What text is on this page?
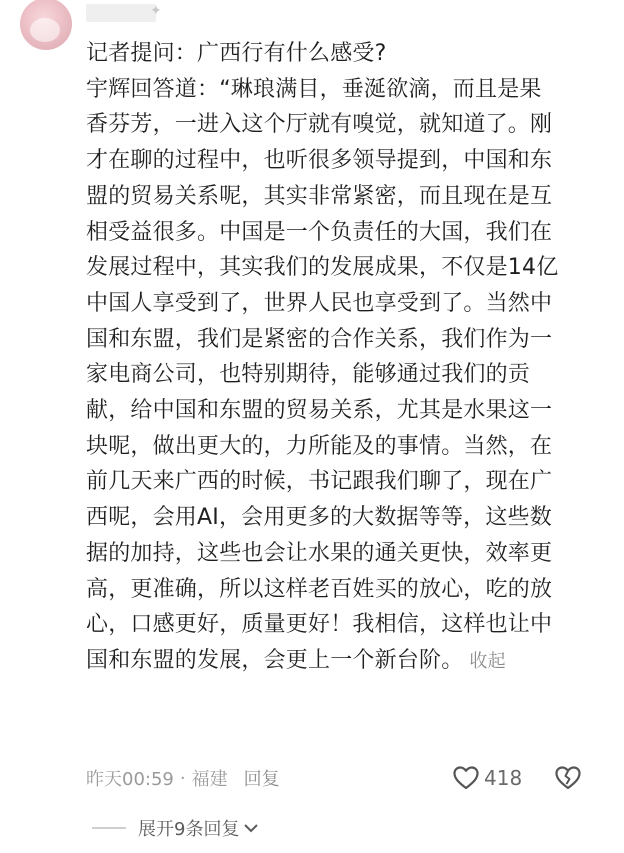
✦
记者提问：广西行有什么感受?
宇辉回答道：“琳琅满目，垂涎欲滴，而且是果
香芬芳，一进入这个厅就有嗅觉，就知道了。刚
才在聊的过程中，也听很多领导提到，中国和东
盟的贸易关系呢，其实非常紧密，而且现在是互
相受益很多。中国是一个负责任的大国，我们在
发展过程中，其实我们的发展成果，不仅是14亿
中国人享受到了，世界人民也享受到了。当然中
国和东盟，我们是紧密的合作关系，我们作为一
家电商公司，也特别期待，能够通过我们的贡
献，给中国和东盟的贸易关系，尤其是水果这一
块呢，做出更大的，力所能及的事情。当然，在
前几天来广西的时候，书记跟我们聊了，现在广
西呢，会用AI，会用更多的大数据等等，这些数
据的加持，这些也会让水果的通关更快，效率更
高，更准确，所以这样老百姓买的放心，吃的放
心，口感更好，质量更好！我相信，这样也让中
国和东盟的发展，会更上一个新台阶。 收起
昨天00:59 · 福建 回复	418
展开9条回复
